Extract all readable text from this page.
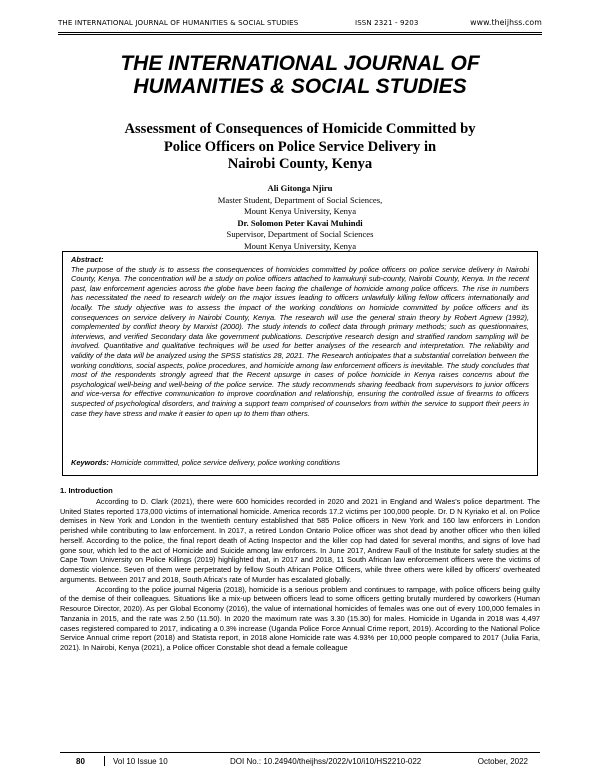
THE INTERNATIONAL JOURNAL OF HUMANITIES & SOCIAL STUDIES	ISSN 2321 - 9203	www.theijhss.com
THE INTERNATIONAL JOURNAL OF
HUMANITIES & SOCIAL STUDIES
Assessment of Consequences of Homicide Committed by
Police Officers on Police Service Delivery in
Nairobi County, Kenya
Ali Gitonga Njiru
Master Student, Department of Social Sciences,
Mount Kenya University, Kenya
Dr. Solomon Peter Kavai Muhindi
Supervisor, Department of Social Sciences
Mount Kenya University, Kenya
Abstract:

The purpose of the study is to assess the consequences of homicides committed by police officers on police service delivery in Nairobi County, Kenya. The concentration will be a study on police officers attached to kamukunji sub-county, Nairobi County, Kenya. In the recent past, law enforcement agencies across the globe have been facing the challenge of homicide among police officers. The rise in numbers has necessitated the need to research widely on the major issues leading to officers unlawfully killing fellow officers internationally and locally. The study objective was to assess the impact of the working conditions on homicide committed by police officers and its consequences on service delivery in Nairobi County, Kenya. The research will use the general strain theory by Robert Agnew (1992), complemented by conflict theory by Marxist (2000). The study intends to collect data through primary methods; such as questionnaires, interviews, and verified Secondary data like government publications. Descriptive research design and stratified random sampling will be involved. Quantitative and qualitative techniques will be used for better analyses of the research and interpretation. The reliability and validity of the data will be analyzed using the SPSS statistics 28, 2021. The Research anticipates that a substantial correlation between the working conditions, social aspects, police procedures, and homicide among law enforcement officers is inevitable. The study concludes that most of the respondents strongly agreed that the Recent upsurge in cases of police homicide in Kenya raises concerns about the psychological well-being and well-being of the police service. The study recommends sharing feedback from supervisors to junior officers and vice-versa for effective communication to improve coordination and relationship, ensuring the controlled issue of firearms to officers suspected of psychological disorders, and training a support team comprised of counselors from within the service to support their peers in case they have stress and make it easier to open up to them than others.

Keywords: Homicide committed, police service delivery, police working conditions
1. Introduction

According to D. Clark (2021), there were 600 homicides recorded in 2020 and 2021 in England and Wales's police department. The United States reported 173,000 victims of international homicide. America records 17.2 victims per 100,000 people. Dr. D N Kyriako et al. on Police demises in New York and London in the twentieth century established that 585 Police officers in New York and 160 law enforcers in London perished while contributing to law enforcement. In 2017, a retired London Ontario Police officer was shot dead by another officer who then killed herself. According to the police, the final report death of Acting Inspector and the killer cop had dated for several months, and signs of love had gone sour, which led to the act of Homicide and Suicide among law enforcers. In June 2017, Andrew Faull of the Institute for safety studies at the Cape Town University on Police Killings (2019) highlighted that, in 2017 and 2018, 11 South African law enforcement officers were the victims of domestic violence. Seven of them were perpetrated by fellow South African Police Officers, while three others were killed by officers' overheated arguments. Between 2017 and 2018, South Africa's rate of Murder has escalated globally.

According to the police journal Nigeria (2018), homicide is a serious problem and continues to rampage, with police officers being guilty of the demise of their colleagues. Situations like a mix-up between officers lead to some officers getting brutally murdered by coworkers (Human Resource Director, 2020). As per Global Economy (2016), the value of international homicides of females was one out of every 100,000 females in Tanzania in 2015, and the rate was 2.50 (11.50). In 2020 the maximum rate was 3.30 (15.30) for males. Homicide in Uganda in 2018 was 4,497 cases registered compared to 2017, indicating a 0.3% increase (Uganda Police Force Annual Crime report, 2019). According to the National Police Service Annual crime report (2018) and Statista report, in 2018 alone Homicide rate was 4.93% per 10,000 people compared to 2017 (Julia Faria, 2021). In Nairobi, Kenya (2021), a Police officer Constable shot dead a female colleague

80	Vol 10 Issue 10	DOI No.: 10.24940/theijhss/2022/v10/i10/HS2210-022	October, 2022
